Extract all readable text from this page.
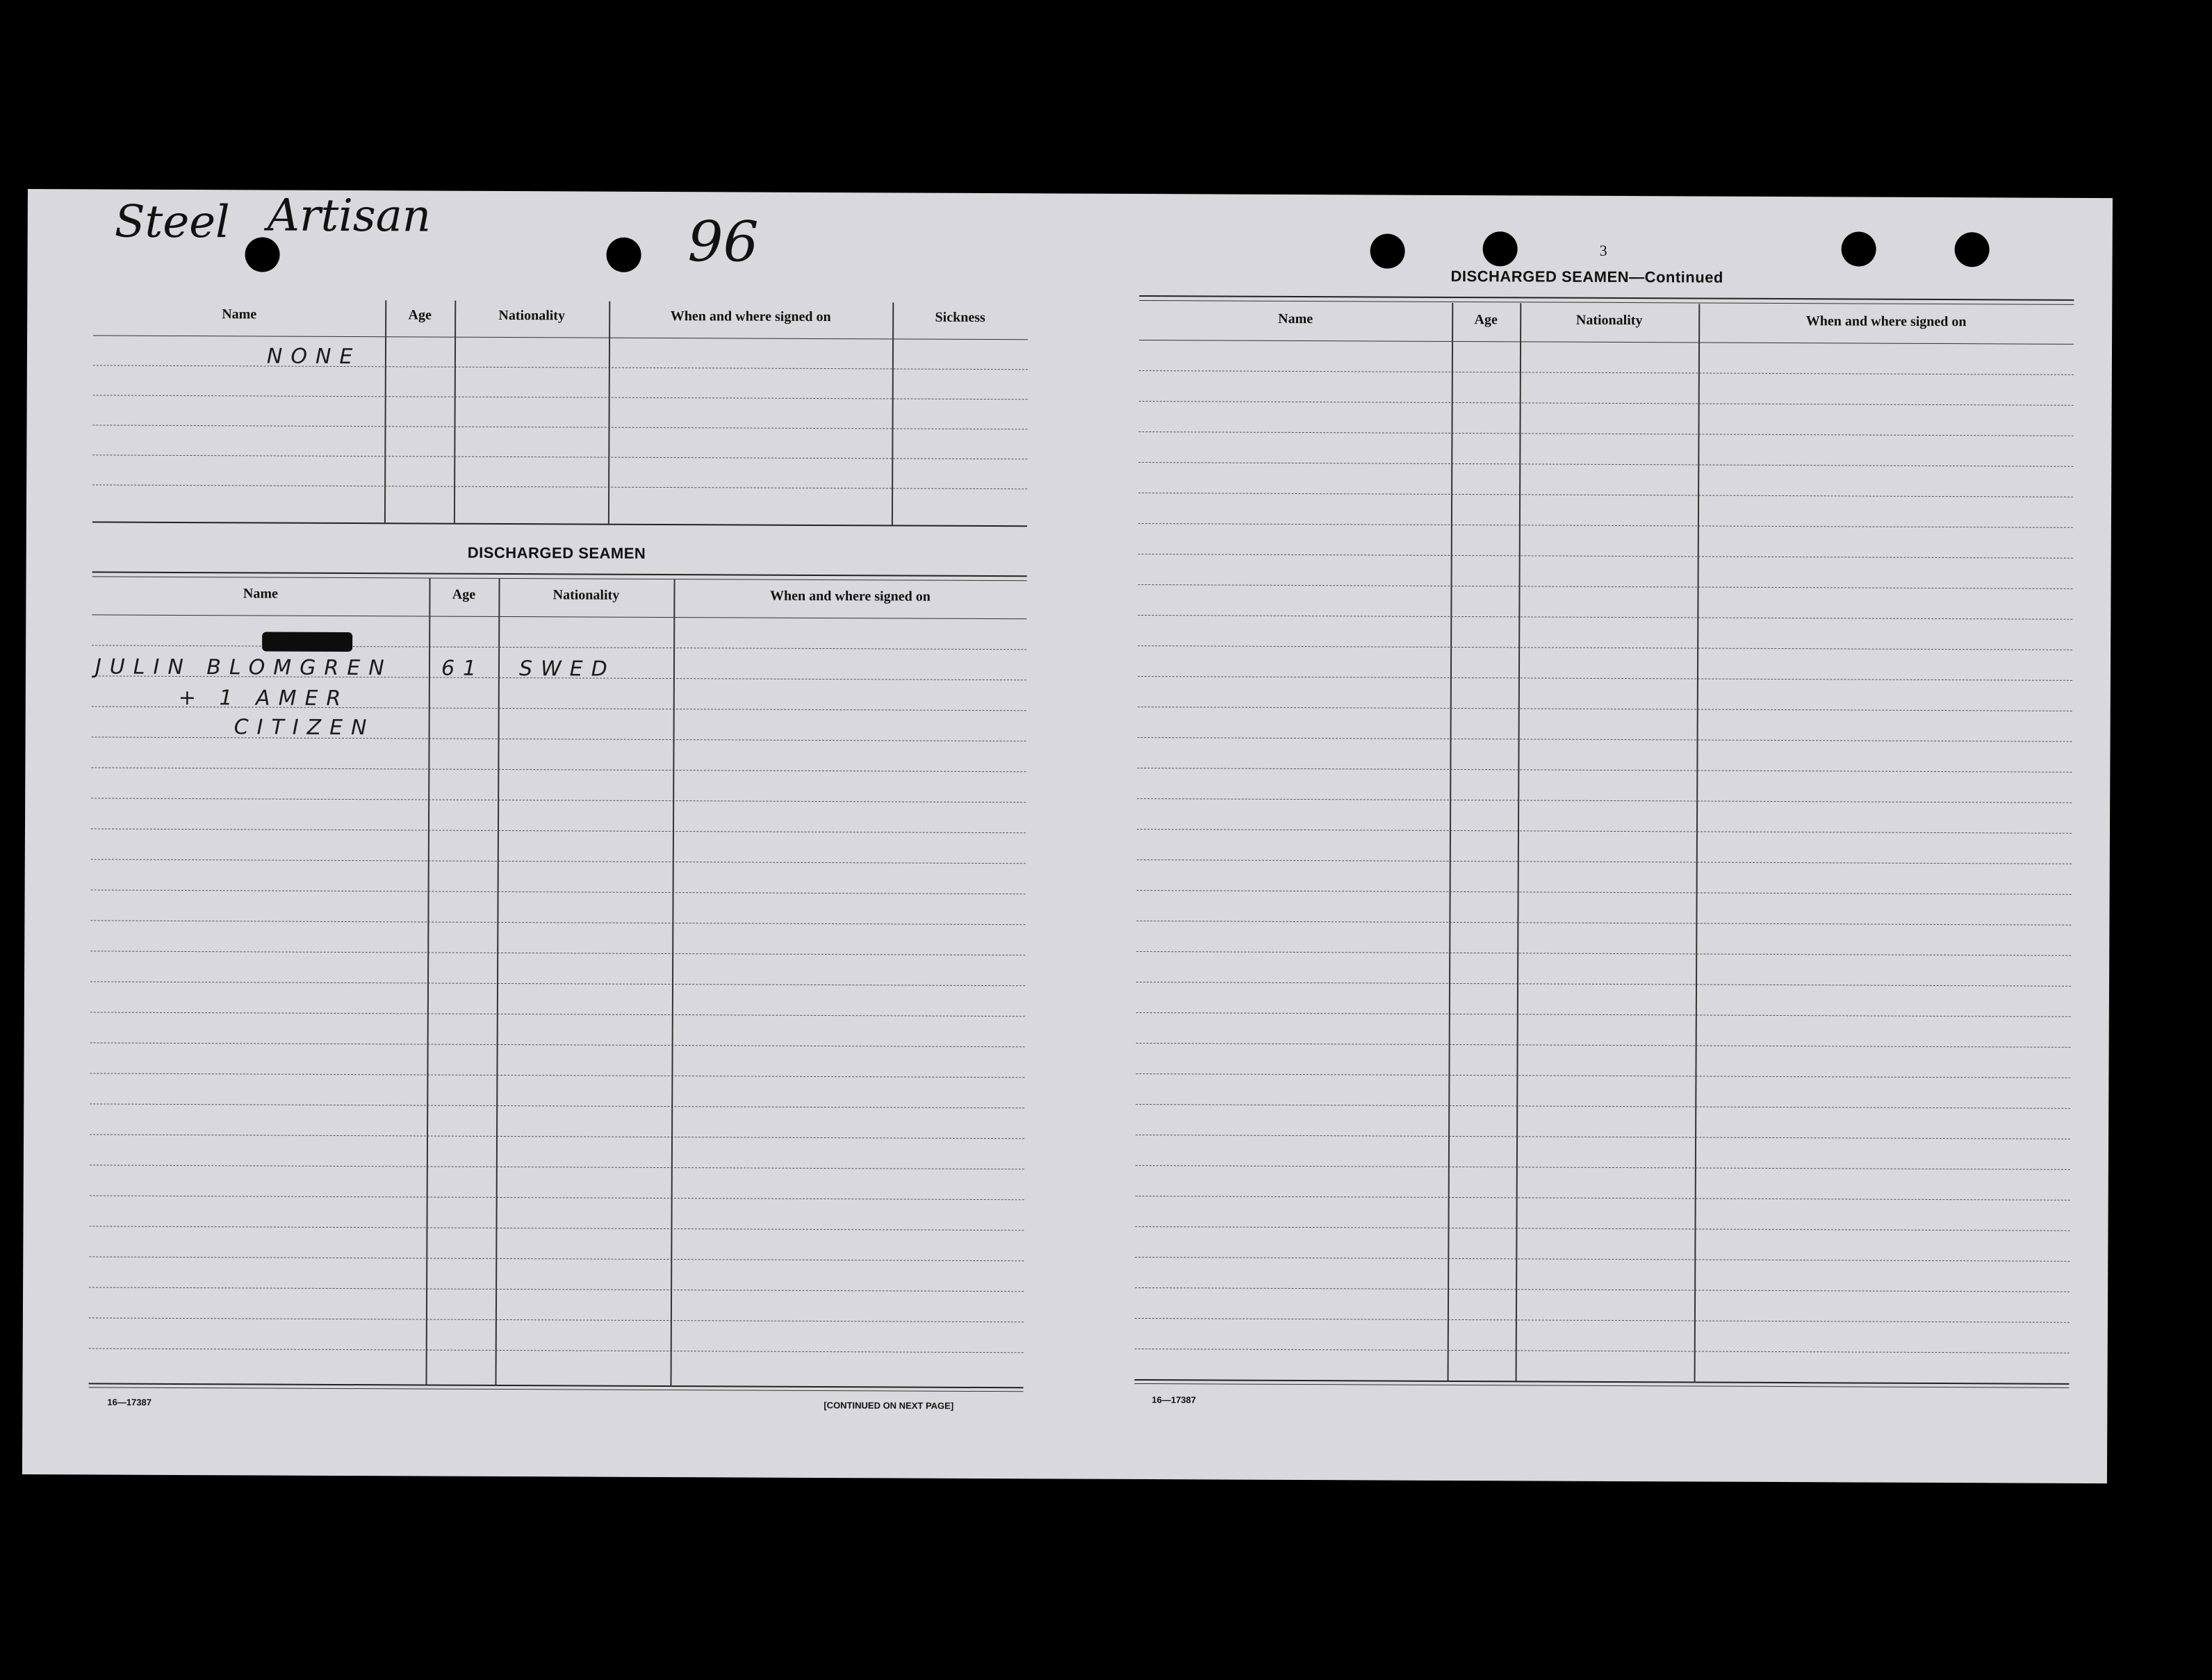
Steel Artisan	96
Name	Age	Nationality	When and where signed on	Sickness
NONE
DISCHARGED SEAMEN
Name	Age	Nationality	When and where signed on
JULIN BLOMGREN 61 SWED
+ 1 AMER
CITIZEN
16—17387	[CONTINUED ON NEXT PAGE]
3
DISCHARGED SEAMEN—Continued
Name	Age	Nationality	When and where signed on
16—17387
